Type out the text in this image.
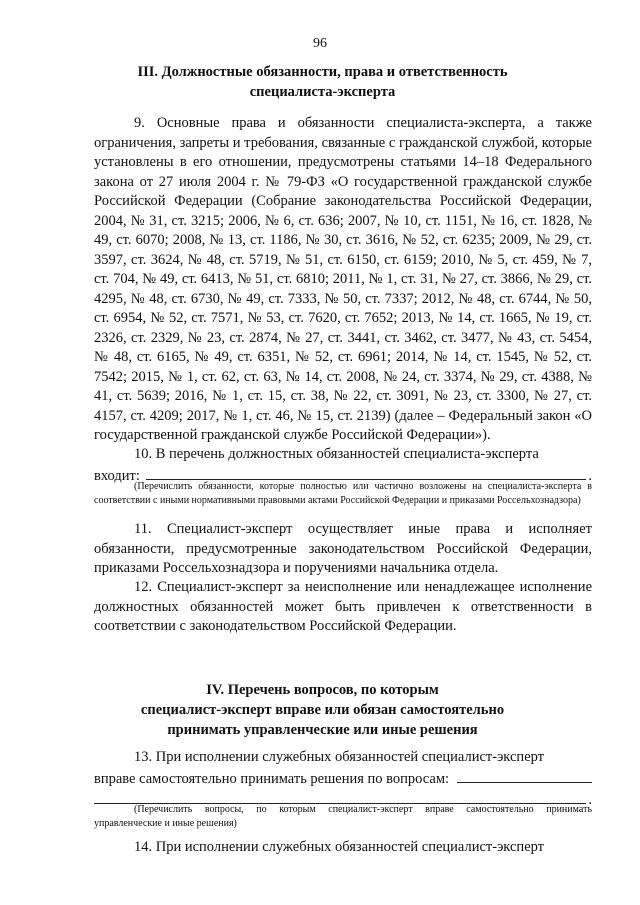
96
III. Должностные обязанности, права и ответственность
специалиста-эксперта

9. Основные права и обязанности специалиста-эксперта, а также ограничения, запреты и требования, связанные с гражданской службой, которые установлены в его отношении, предусмотрены статьями 14–18 Федерального закона от 27 июля 2004 г. № 79-ФЗ «О государственной гражданской службе Российской Федерации (Собрание законодательства Российской Федерации, 2004, № 31, ст. 3215; 2006, № 6, ст. 636; 2007, № 10, ст. 1151, № 16, ст. 1828, № 49, ст. 6070; 2008, № 13, ст. 1186, № 30, ст. 3616, № 52, ст. 6235; 2009, № 29, ст. 3597, ст. 3624, № 48, ст. 5719, № 51, ст. 6150, ст. 6159; 2010, № 5, ст. 459, № 7, ст. 704, № 49, ст. 6413, № 51, ст. 6810; 2011, № 1, ст. 31, № 27, ст. 3866, № 29, ст. 4295, № 48, ст. 6730, № 49, ст. 7333, № 50, ст. 7337; 2012, № 48, ст. 6744, № 50, ст. 6954, № 52, ст. 7571, № 53, ст. 7620, ст. 7652; 2013, № 14, ст. 1665, № 19, ст. 2326, ст. 2329, № 23, ст. 2874, № 27, ст. 3441, ст. 3462, ст. 3477, № 43, ст. 5454, № 48, ст. 6165, № 49, ст. 6351, № 52, ст. 6961; 2014, № 14, ст. 1545, № 52, ст. 7542; 2015, № 1, ст. 62, ст. 63, № 14, ст. 2008, № 24, ст. 3374, № 29, ст. 4388, № 41, ст. 5639; 2016, № 1, ст. 15, ст. 38, № 22, ст. 3091, № 23, ст. 3300, № 27, ст. 4157, ст. 4209; 2017, № 1, ст. 46, № 15, ст. 2139) (далее – Федеральный закон «О государственной гражданской службе Российской Федерации»).

10. В перечень должностных обязанностей специалиста-эксперта
входит:	.
(Перечислить обязанности, которые полностью или частично возложены на специалиста-эксперта в соответствии с иными нормативными правовыми актами Российской Федерации и приказами Россельхознадзора)

11. Специалист-эксперт осуществляет иные права и исполняет обязанности, предусмотренные законодательством Российской Федерации, приказами Россельхознадзора и поручениями начальника отдела.

12. Специалист-эксперт за неисполнение или ненадлежащее исполнение должностных обязанностей может быть привлечен к ответственности в соответствии с законодательством Российской Федерации.

IV. Перечень вопросов, по которым
специалист-эксперт вправе или обязан самостоятельно
принимать управленческие или иные решения
13. При исполнении служебных обязанностей специалист-эксперт
вправе самостоятельно принимать решения по вопросам:
.
(Перечислить вопросы, по которым специалист-эксперт вправе самостоятельно принимать управленческие и иные решения)
14. При исполнении служебных обязанностей специалист-эксперт
